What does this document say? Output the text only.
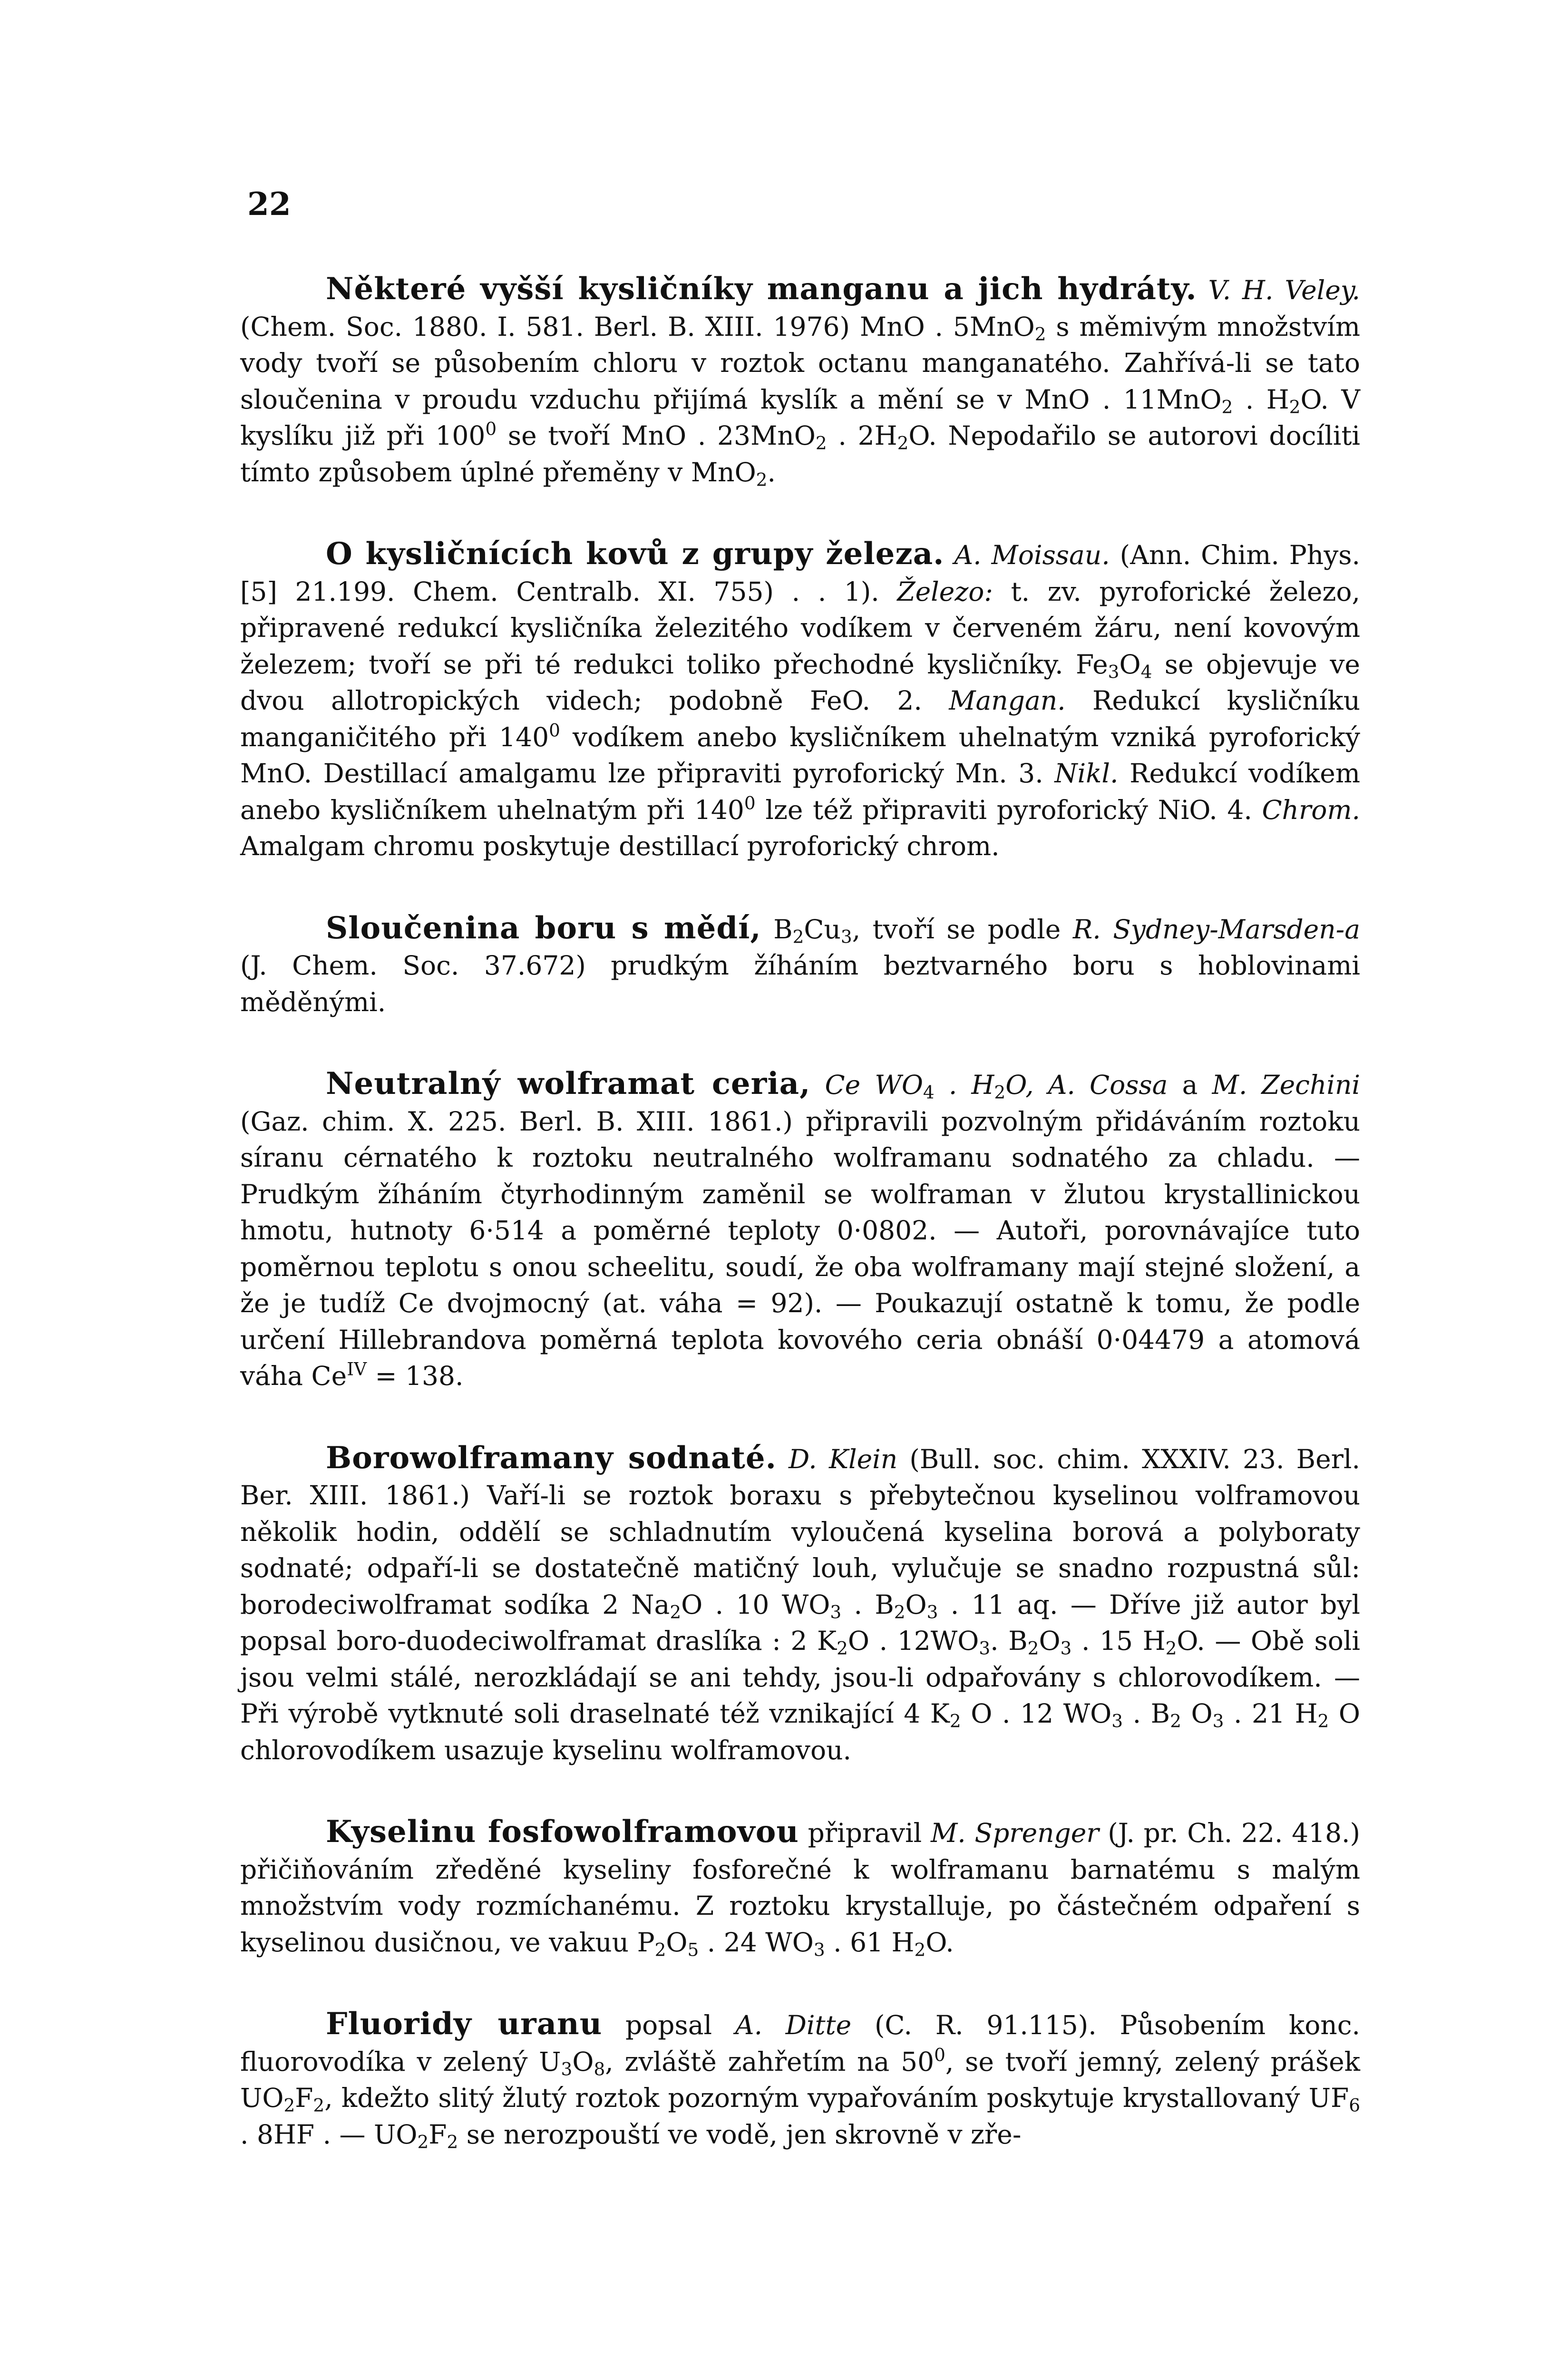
22

Některé vyšší kysličníky manganu a jich hydráty. V. H. Veley. (Chem. Soc. 1880. I. 581. Berl. B. XIII. 1976) MnO . 5MnO$_2$ s měmivým množstvím vody tvoří se působením chloru v roztok octanu manganatého. Zahřívá-li se tato sloučenina v proudu vzduchu přijímá kyslík a mění se v MnO . 11MnO$_2$ . $H_2O$. V kyslíku již při $100^0$ se tvoří MnO . 23MnO$_2$ . $2H_2O$. Nepodařilo se autorovi docíliti tímto způsobem úplné přeměny v MnO$_2$.

O kysličnících kovů z grupy železa. A. Moissau. (Ann. Chim. Phys. [5] 21.199. Chem. Centralb. XI. 755) . . 1). Železo: t. zv. pyroforické železo, připravené redukcí kysličníka železitého vodíkem v červeném žáru, není kovovým železem; tvoří se při té redukci toliko přechodné kysličníky. $Fe_3O_4$ se objevuje ve dvou allotropických videch; podobně FeO. 2. Mangan. Redukcí kysličníku manganičitého při $140^0$ vodíkem anebo kysličníkem uhelnatým vzniká pyroforický MnO. Destillací amalgamu lze připraviti pyroforický Mn. 3. Nikl. Redukcí vodíkem anebo kysličníkem uhelnatým při $140^0$ lze též připraviti pyroforický NiO. 4. Chrom. Amalgam chromu poskytuje destillací pyroforický chrom.

Sloučenina boru s mědí, $B_2Cu_3$, tvoří se podle R. Sydney-Marsden-a (J. Chem. Soc. 37.672) prudkým žíháním beztvarného boru s hoblovinami měděnými.

Neutralný wolframat ceria, Ce $WO_4$ . $H_2O$, A. Cossa a M. Zechini (Gaz. chim. X. 225. Berl. B. XIII. 1861.) připravili pozvolným přidáváním roztoku síranu cérnatého k roztoku neutralného wolframanu sodnatého za chladu. — Prudkým žíháním čtyrhodinným zaměnil se wolframan v žlutou krystallinickou hmotu, hutnoty 6·514 a poměrné teploty 0·0802. — Autoři, porovnávajíce tuto poměrnou teplotu s onou scheelitu, soudí, že oba wolframany mají stejné složení, a že je tudíž Ce dvojmocný (at. váha = 92). — Poukazují ostatně k tomu, že podle určení Hillebrandova poměrná teplota kovového ceria obnáší 0·04479 a atomová váha $Ce^{IV} = 138$.

Borowolframany sodnaté. D. Klein (Bull. soc. chim. XXXIV. 23. Berl. Ber. XIII. 1861.) Vaří-li se roztok boraxu s přebytečnou kyselinou volframovou několik hodin, oddělí se schladnutím vyloučená kyselina borová a polyboraty sodnaté; odpaří-li se dostatečně matičný louh, vylučuje se snadno rozpustná sůl: borodeciwolframat sodíka 2 $Na_2O$ . 10 $WO_3$ . $B_2O_3$ . 11 aq. — Dříve již autor byl popsal boro-duodeciwolframat draslíka : 2 $K_2O$ . $12WO_3$. $B_2O_3$ . 15 $H_2O$. — Obě soli jsou velmi stálé, nerozkládají se ani tehdy, jsou-li odpařovány s chlorovodíkem. — Při výrobě vytknuté soli draselnaté též vznikající 4 $K_2$ O . 12 $WO_3$ . $B_2$ $O_3$ . 21 $H_2$ O chlorovodíkem usazuje kyselinu wolframovou.

Kyselinu fosfowolframovou připravil M. Sprenger (J. pr. Ch. 22. 418.) přičiňováním zředěné kyseliny fosforečné k wolframanu barnatému s malým množstvím vody rozmíchanému. Z roztoku krystalluje, po částečném odpaření s kyselinou dusičnou, ve vakuu $P_2O_5$ . 24 $WO_3$ . 61 $H_2O$.

Fluoridy uranu popsal A. Ditte (C. R. 91.115). Působením konc. fluorovodíka v zelený $U_3O_8$, zvláště zahřetím na $50^0$, se tvoří jemný, zelený prášek $UO_2F_2$, kdežto slitý žlutý roztok pozorným vypařováním poskytuje krystallovaný $UF_6$ . 8HF . — $UO_2F_2$ se nerozpouští ve vodě, jen skrovně v zře-
